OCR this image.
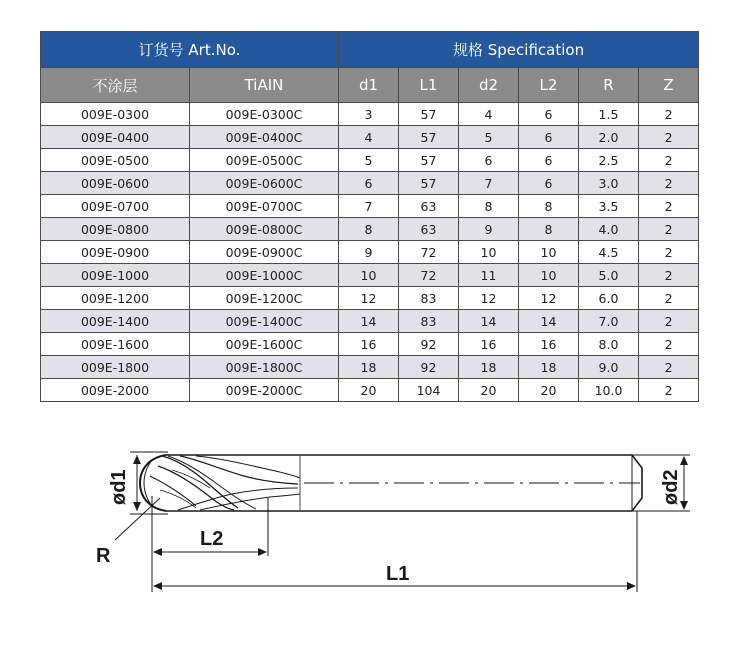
订货号 Art.No.		规格 Specification					
不涂层	TiAIN	d1	L1	d2	L2	R	Z
009E-0300	009E-0300C	3	57	4	6	1.5	2
009E-0400	009E-0400C	4	57	5	6	2.0	2
009E-0500	009E-0500C	5	57	6	6	2.5	2
009E-0600	009E-0600C	6	57	7	6	3.0	2
009E-0700	009E-0700C	7	63	8	8	3.5	2
009E-0800	009E-0800C	8	63	9	8	4.0	2
009E-0900	009E-0900C	9	72	10	10	4.5	2
009E-1000	009E-1000C	10	72	11	10	5.0	2
009E-1200	009E-1200C	12	83	12	12	6.0	2
009E-1400	009E-1400C	14	83	14	14	7.0	2
009E-1600	009E-1600C	16	92	16	16	8.0	2
009E-1800	009E-1800C	18	92	18	18	9.0	2
009E-2000	009E-2000C	20	104	20	20	10.0	2
ød1	ød2
R
L2
L1
